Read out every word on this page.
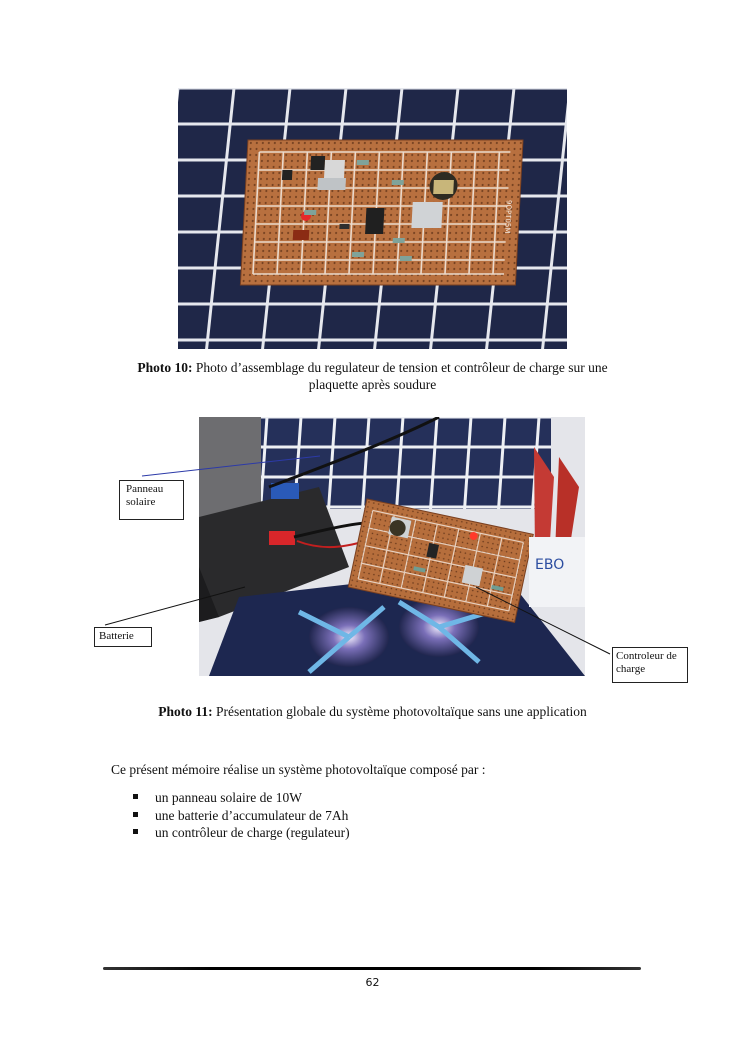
9OPT05M
Photo 10: Photo d’assemblage du regulateur de tension et contrôleur de charge sur une
plaquette après soudure
EBO
Panneau
solaire
Batterie
Controleur de
charge
Photo 11: Présentation globale du système photovoltaïque sans une application
Ce présent mémoire réalise un système photovoltaïque composé par :
un panneau solaire de 10W
une batterie d’accumulateur de 7Ah
un contrôleur de charge (regulateur)
62
